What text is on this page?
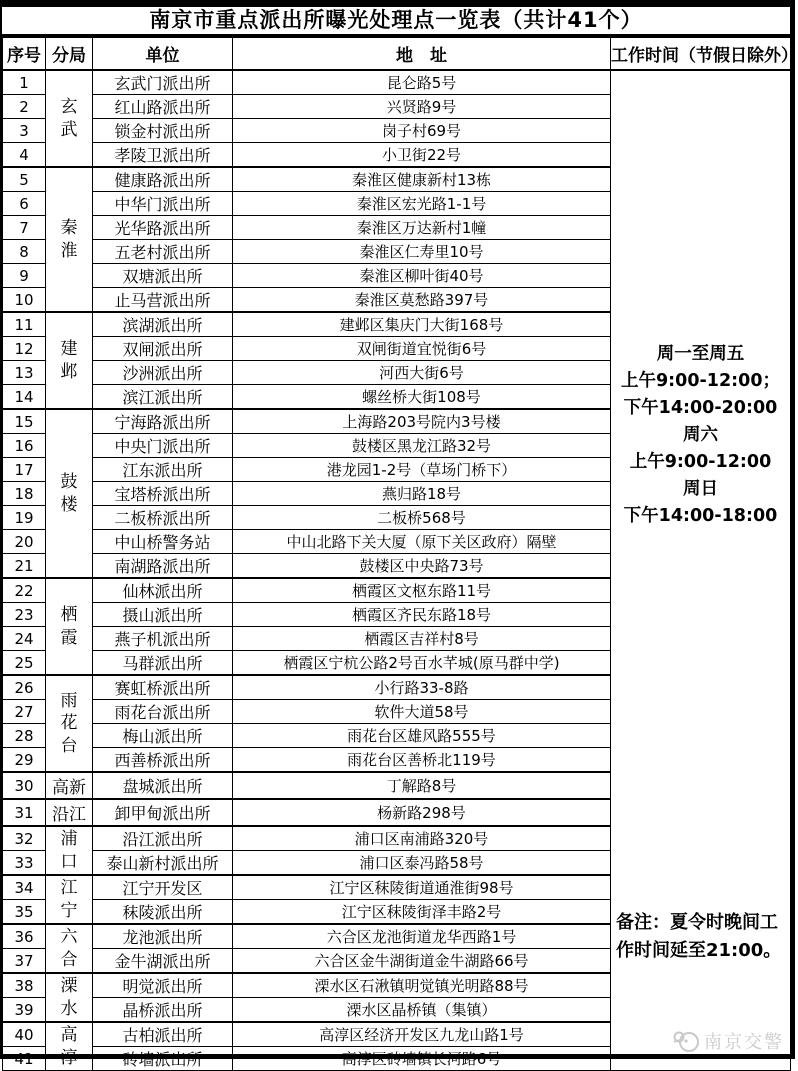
南京市重点派出所曝光处理点一览表（共计41个）
序号	分局	单位	地　址	工作时间（节假日除外）
1	玄武	玄武门派出所	昆仑路5号	
周一至周五
上午9:00-12:00；
下午14:00-20:00
周六
上午9:00-12:00
周日
下午14:00-18:00
备注：夏令时晚间工作时间延至21:00。
南京交警

2		红山路派出所	兴贤路9号	
3		锁金村派出所	岗子村69号	
4		孝陵卫派出所	小卫街22号	
5	秦淮	健康路派出所	秦淮区健康新村13栋	
6		中华门派出所	秦淮区宏光路1-1号	
7		光华路派出所	秦淮区万达新村1幢	
8		五老村派出所	秦淮区仁寿里10号	
9		双塘派出所	秦淮区柳叶街40号	
10		止马营派出所	秦淮区莫愁路397号	
11	建邺	滨湖派出所	建邺区集庆门大街168号	
12		双闸派出所	双闸街道宜悦街6号	
13		沙洲派出所	河西大街6号	
14		滨江派出所	螺丝桥大街108号	
15	鼓楼	宁海路派出所	上海路203号院内3号楼	
16		中央门派出所	鼓楼区黑龙江路32号	
17		江东派出所	港龙园1-2号（草场门桥下）	
18		宝塔桥派出所	燕归路18号	
19		二板桥派出所	二板桥568号	
20		中山桥警务站	中山北路下关大厦（原下关区政府）隔壁	
21		南湖路派出所	鼓楼区中央路73号	
22	栖霞	仙林派出所	栖霞区文枢东路11号	
23		摄山派出所	栖霞区齐民东路18号	
24		燕子机派出所	栖霞区吉祥村8号	
25		马群派出所	栖霞区宁杭公路2号百水芊城(原马群中学)	
26	雨花台	赛虹桥派出所	小行路33-8路	
27		雨花台派出所	软件大道58号	
28		梅山派出所	雨花台区雄风路555号	
29		西善桥派出所	雨花台区善桥北119号	
30	高新	盘城派出所	丁解路8号	
31	沿江	卸甲甸派出所	杨新路298号	
32	浦口	沿江派出所	浦口区南浦路320号	
33		泰山新村派出所	浦口区泰冯路58号	
34	江宁	江宁开发区	江宁区秣陵街道通淮街98号	
35		秣陵派出所	江宁区秣陵街泽丰路2号	
36	六合	龙池派出所	六合区龙池街道龙华西路1号	
37		金牛湖派出所	六合区金牛湖街道金牛湖路66号	
38	溧水	明觉派出所	溧水区石湫镇明觉镇光明路88号	
39		晶桥派出所	溧水区晶桥镇（集镇）	
40	高淳	古柏派出所	高淳区经济开发区九龙山路1号	
41		砖墙派出所	高淳区砖墙镇长河路6号	
